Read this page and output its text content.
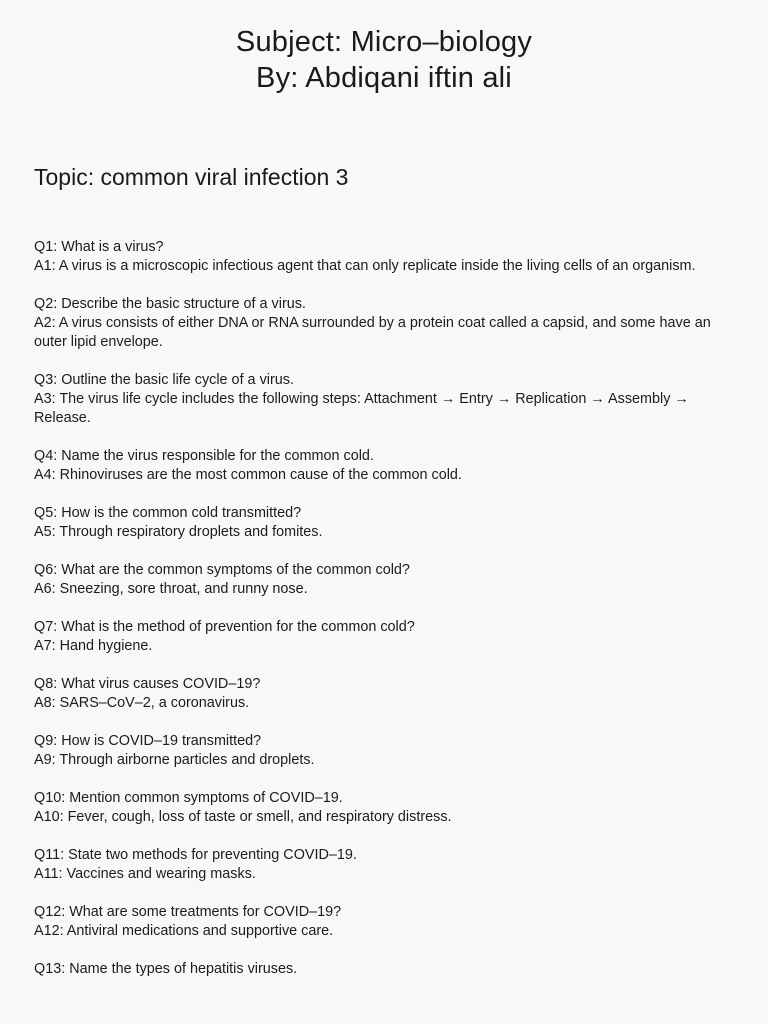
Subject: Micro–biology
By: Abdiqani iftin ali
Topic: common viral infection 3
Q1: What is a virus?
A1: A virus is a microscopic infectious agent that can only replicate inside the living cells of an organism.
Q2: Describe the basic structure of a virus.
A2: A virus consists of either DNA or RNA surrounded by a protein coat called a capsid, and some have an outer lipid envelope.
Q3: Outline the basic life cycle of a virus.
A3: The virus life cycle includes the following steps: Attachment → Entry → Replication → Assembly → Release.
Q4: Name the virus responsible for the common cold.
A4: Rhinoviruses are the most common cause of the common cold.
Q5: How is the common cold transmitted?
A5: Through respiratory droplets and fomites.
Q6: What are the common symptoms of the common cold?
A6: Sneezing, sore throat, and runny nose.
Q7: What is the method of prevention for the common cold?
A7: Hand hygiene.
Q8: What virus causes COVID–19?
A8: SARS–CoV–2, a coronavirus.
Q9: How is COVID–19 transmitted?
A9: Through airborne particles and droplets.
Q10: Mention common symptoms of COVID–19.
A10: Fever, cough, loss of taste or smell, and respiratory distress.
Q11: State two methods for preventing COVID–19.
A11: Vaccines and wearing masks.
Q12: What are some treatments for COVID–19?
A12: Antiviral medications and supportive care.
Q13: Name the types of hepatitis viruses.
